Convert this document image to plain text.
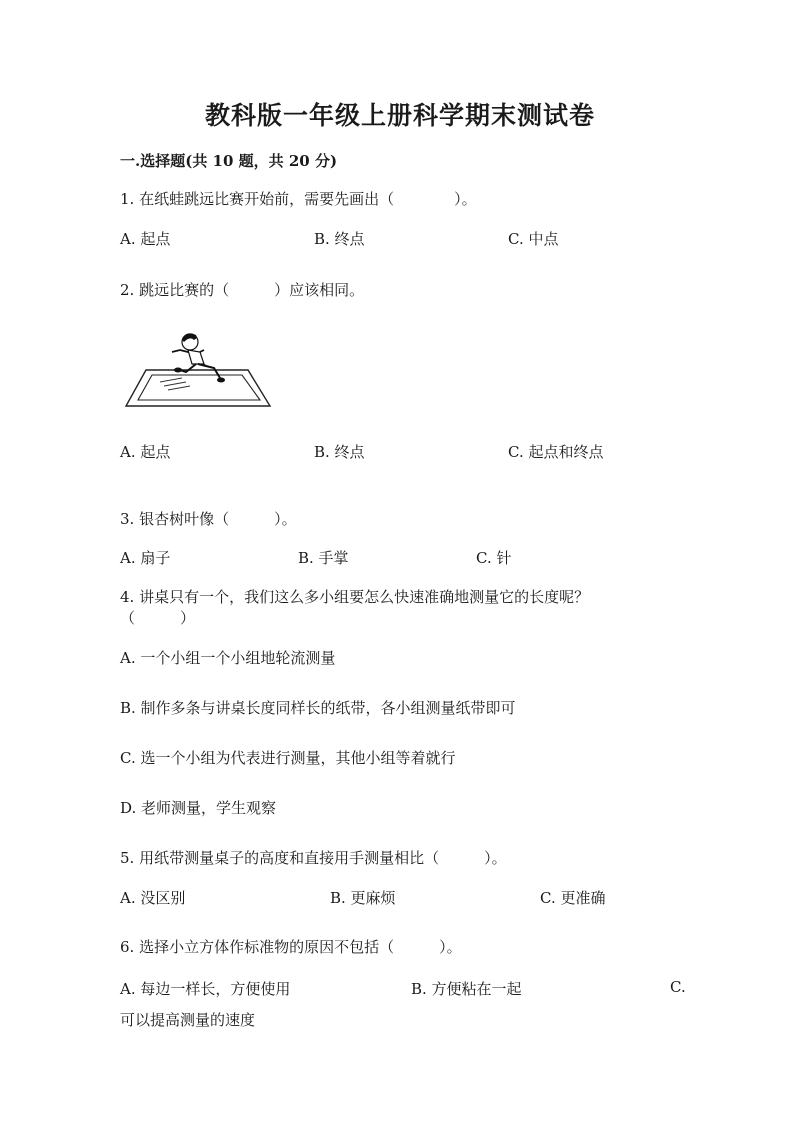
教科版一年级上册科学期末测试卷
一.选择题(共 10 题，共 20 分)
1. 在纸蛙跳远比赛开始前，需要先画出（　　　　）。
A. 起点	B. 终点	C. 中点
2. 跳远比赛的（　　　）应该相同。
A. 起点	B. 终点	C. 起点和终点
3. 银杏树叶像（　　　）。
A. 扇子	B. 手掌	C. 针
4. 讲桌只有一个，我们这么多小组要怎么快速准确地测量它的长度呢？
（　　　）
A. 一个小组一个小组地轮流测量
B. 制作多条与讲桌长度同样长的纸带，各小组测量纸带即可
C. 选一个小组为代表进行测量，其他小组等着就行
D. 老师测量，学生观察
5. 用纸带测量桌子的高度和直接用手测量相比（　　　）。
A. 没区别	B. 更麻烦	C. 更准确
6. 选择小立方体作标准物的原因不包括（　　　）。
A. 每边一样长，方便使用	B. 方便粘在一起	C.
可以提高测量的速度
